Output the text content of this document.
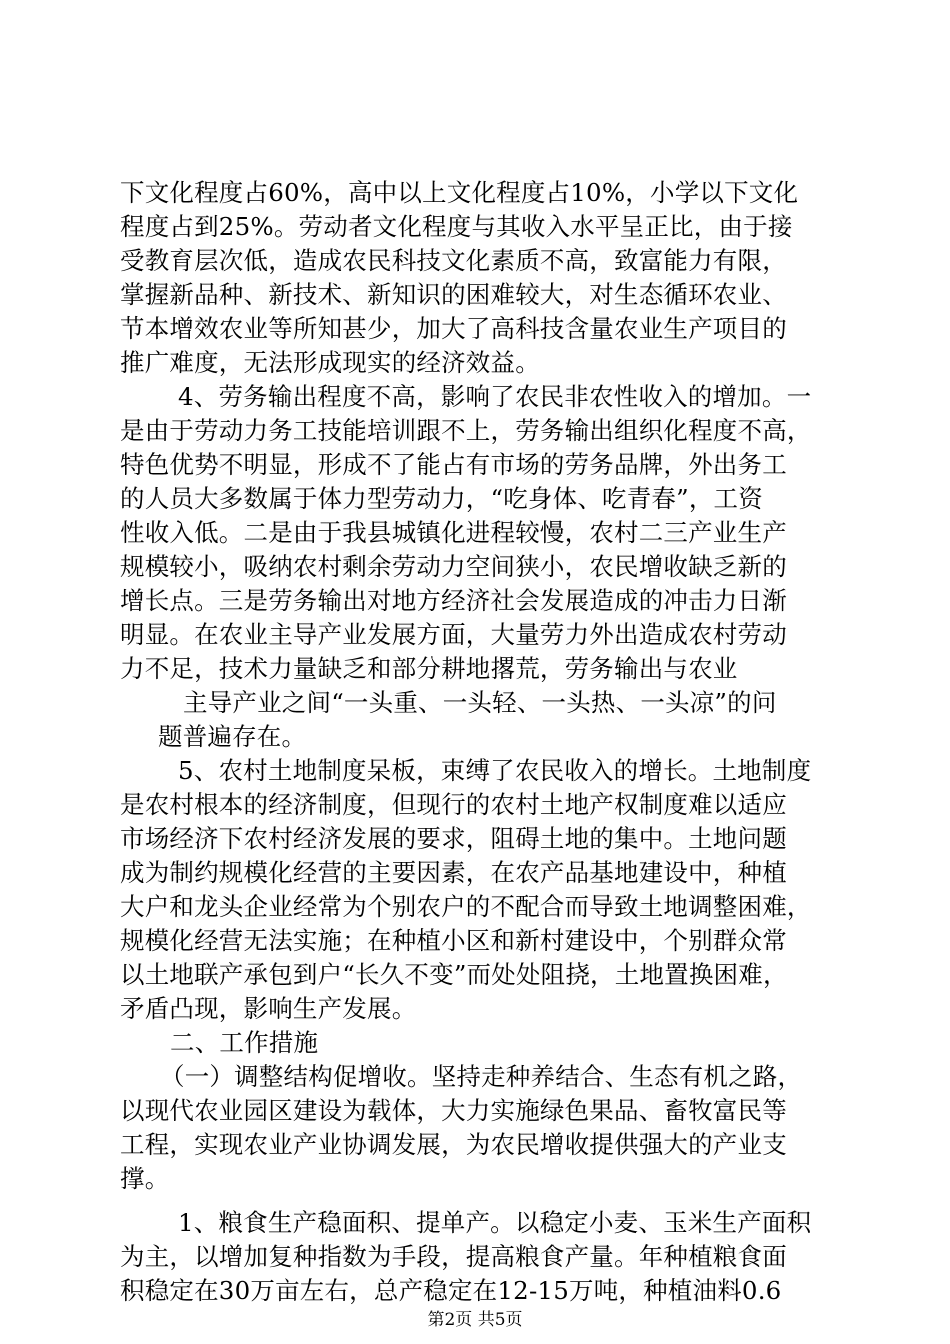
下文化程度占60%，高中以上文化程度占10%，小学以下文化
程度占到25%。劳动者文化程度与其收入水平呈正比，由于接
受教育层次低，造成农民科技文化素质不高，致富能力有限，
掌握新品种、新技术、新知识的困难较大，对生态循环农业、
节本增效农业等所知甚少，加大了高科技含量农业生产项目的
推广难度，无法形成现实的经济效益。
4、劳务输出程度不高，影响了农民非农性收入的增加。一
是由于劳动力务工技能培训跟不上，劳务输出组织化程度不高，
特色优势不明显，形成不了能占有市场的劳务品牌，外出务工
的人员大多数属于体力型劳动力，“吃身体、吃青春”，工资
性收入低。二是由于我县城镇化进程较慢，农村二三产业生产
规模较小，吸纳农村剩余劳动力空间狭小，农民增收缺乏新的
增长点。三是劳务输出对地方经济社会发展造成的冲击力日渐
明显。在农业主导产业发展方面，大量劳力外出造成农村劳动
力不足，技术力量缺乏和部分耕地撂荒，劳务输出与农业
主导产业之间“一头重、一头轻、一头热、一头凉”的问
题普遍存在。
5、农村土地制度呆板，束缚了农民收入的增长。土地制度
是农村根本的经济制度，但现行的农村土地产权制度难以适应
市场经济下农村经济发展的要求，阻碍土地的集中。土地问题
成为制约规模化经营的主要因素，在农产品基地建设中，种植
大户和龙头企业经常为个别农户的不配合而导致土地调整困难，
规模化经营无法实施；在种植小区和新村建设中，个别群众常
以土地联产承包到户“长久不变”而处处阻挠，土地置换困难，
矛盾凸现，影响生产发展。
二、工作措施
（一）调整结构促增收。坚持走种养结合、生态有机之路，
以现代农业园区建设为载体，大力实施绿色果品、畜牧富民等
工程，实现农业产业协调发展，为农民增收提供强大的产业支
撑。
1、粮食生产稳面积、提单产。以稳定小麦、玉米生产面积
为主，以增加复种指数为手段，提高粮食产量。年种植粮食面
积稳定在30万亩左右，总产稳定在12-15万吨，种植油料0.6
第2页 共5页
